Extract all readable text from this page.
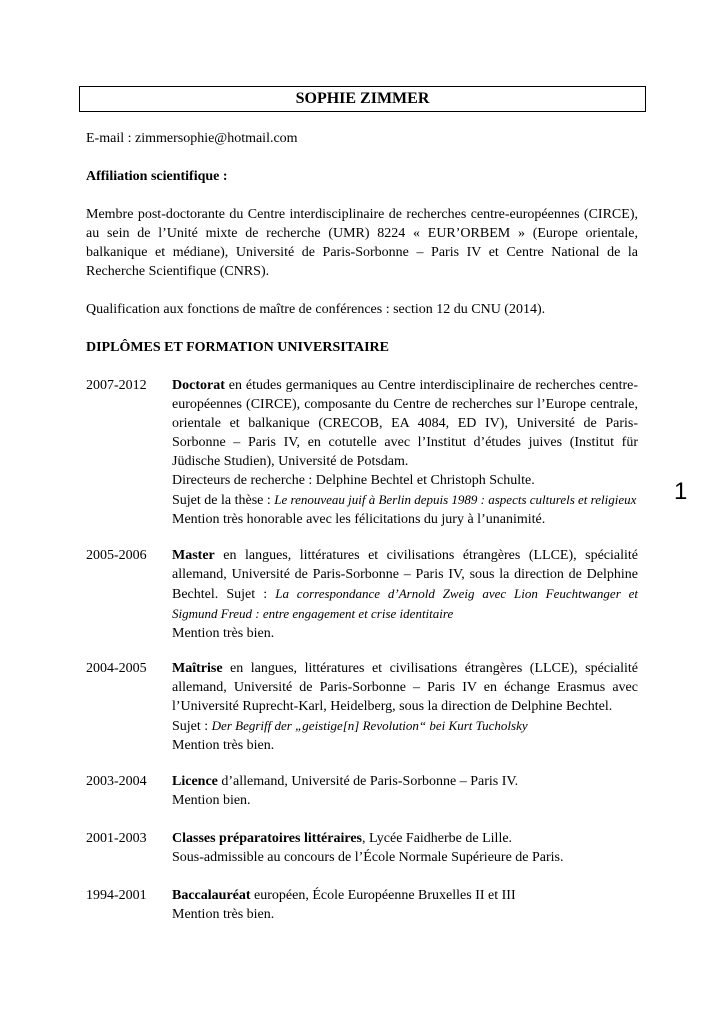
SOPHIE ZIMMER
E-mail : zimmersophie@hotmail.com
Affiliation scientifique :
Membre post-doctorante du Centre interdisciplinaire de recherches centre-européennes (CIRCE), au sein de l’Unité mixte de recherche (UMR) 8224 « EUR’ORBEM » (Europe orientale, balkanique et médiane), Université de Paris-Sorbonne – Paris IV et Centre National de la Recherche Scientifique (CNRS).
Qualification aux fonctions de maître de conférences : section 12 du CNU (2014).
DIPLÔMES ET FORMATION UNIVERSITAIRE
2007-2012	Doctorat en études germaniques au Centre interdisciplinaire de recherches centre-européennes (CIRCE), composante du Centre de recherches sur l’Europe centrale, orientale et balkanique (CRECOB, EA 4084, ED IV), Université de Paris-Sorbonne – Paris IV, en cotutelle avec l’Institut d’études juives (Institut für Jüdische Studien), Université de Potsdam.

Directeurs de recherche : Delphine Bechtel et Christoph Schulte.

Sujet de la thèse : Le renouveau juif à Berlin depuis 1989 : aspects culturels et religieux

Mention très honorable avec les félicitations du jury à l’unanimité.

2005-2006	Master en langues, littératures et civilisations étrangères (LLCE), spécialité allemand, Université de Paris-Sorbonne – Paris IV, sous la direction de Delphine Bechtel. Sujet : La correspondance d’Arnold Zweig avec Lion Feuchtwanger et Sigmund Freud : entre engagement et crise identitaire

Mention très bien.

2004-2005	Maîtrise en langues, littératures et civilisations étrangères (LLCE), spécialité allemand, Université de Paris-Sorbonne – Paris IV en échange Erasmus avec l’Université Ruprecht-Karl, Heidelberg, sous la direction de Delphine Bechtel.

Sujet : Der Begriff der „geistige[n] Revolution“ bei Kurt Tucholsky

Mention très bien.

2003-2004	Licence d’allemand, Université de Paris-Sorbonne – Paris IV.

Mention bien.

2001-2003	Classes préparatoires littéraires, Lycée Faidherbe de Lille.

Sous-admissible au concours de l’École Normale Supérieure de Paris.

1994-2001	Baccalauréat européen, École Européenne Bruxelles II et III

Mention très bien.

1
